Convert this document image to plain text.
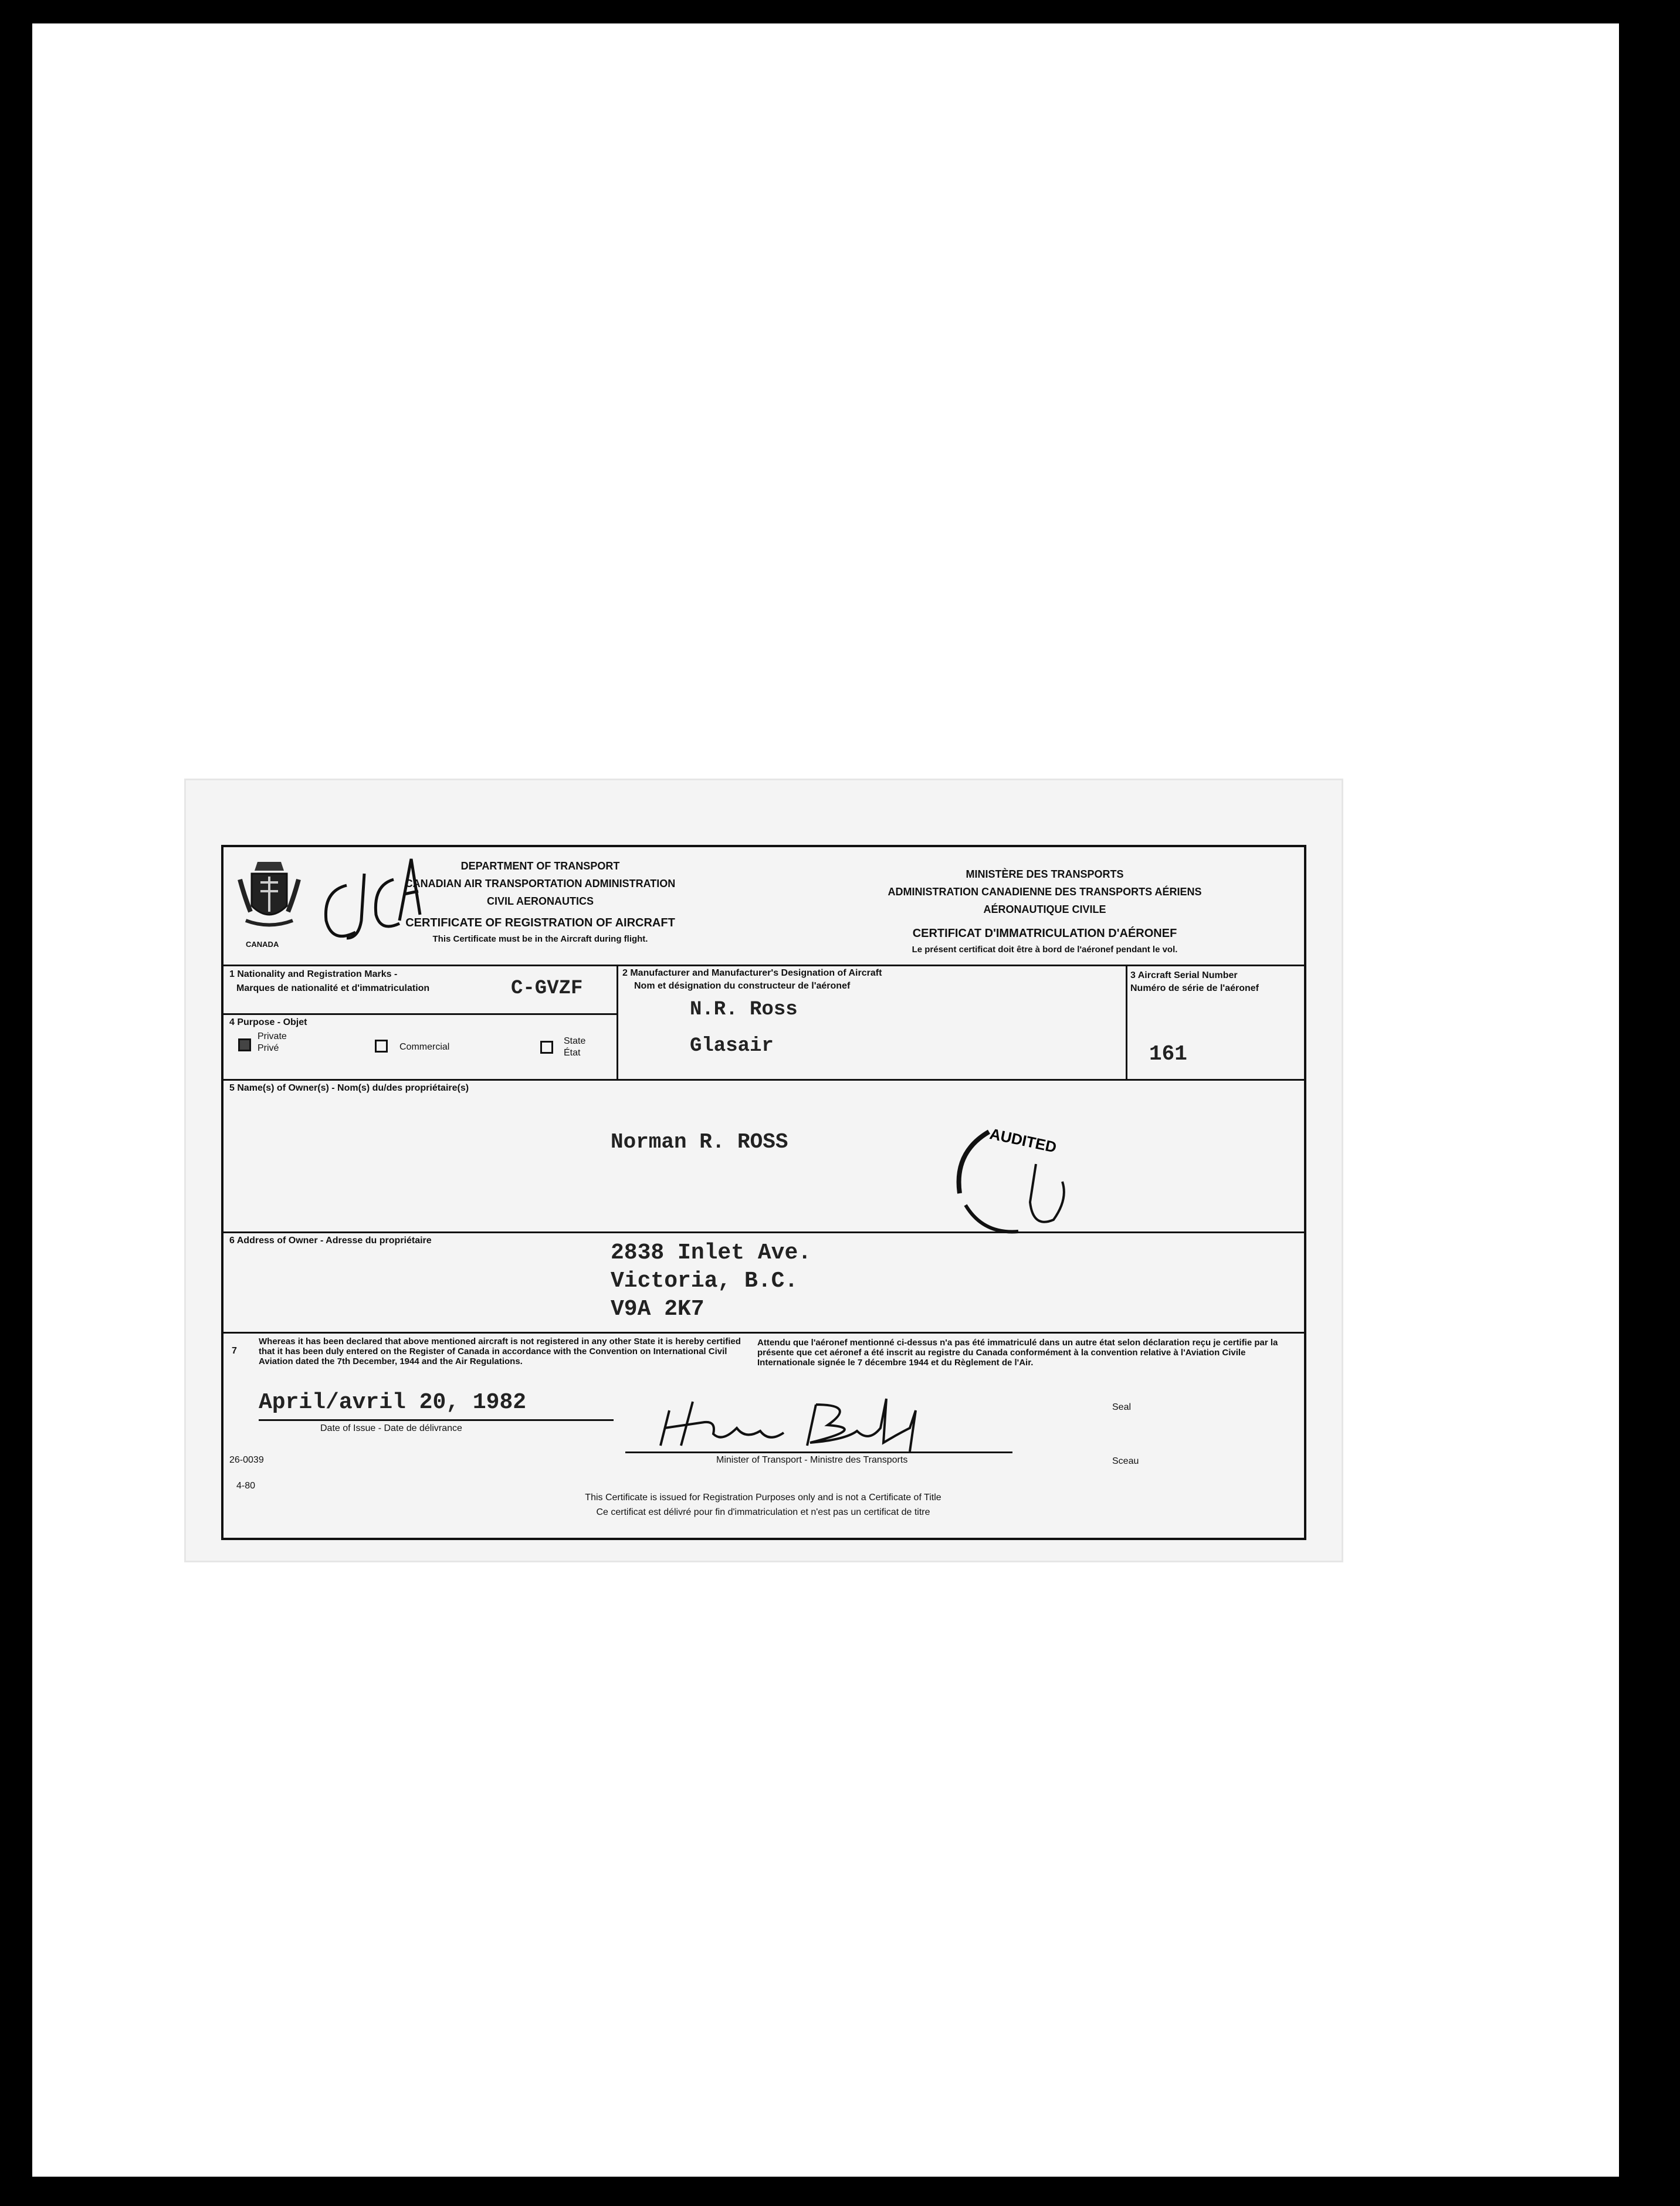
CANADA
DEPARTMENT OF TRANSPORT
CANADIAN AIR TRANSPORTATION ADMINISTRATION
CIVIL AERONAUTICS
CERTIFICATE OF REGISTRATION OF AIRCRAFT
This Certificate must be in the Aircraft during flight.
MINISTÈRE DES TRANSPORTS
ADMINISTRATION CANADIENNE DES TRANSPORTS AÉRIENS
AÉRONAUTIQUE CIVILE
CERTIFICAT D'IMMATRICULATION D'AÉRONEF
Le présent certificat doit être à bord de l'aéronef pendant le vol.
1 Nationality and Registration Marks -
Marques de nationalité et d'immatriculation	C-GVZF
4 Purpose - Objet
Private
Privé	Commercial
State
État
2 Manufacturer and Manufacturer's Designation of Aircraft
Nom et désignation du constructeur de l'aéronef
N.R. Ross
Glasair
3 Aircraft Serial Number
Numéro de série de l'aéronef
161
5 Name(s) of Owner(s) - Nom(s) du/des propriétaire(s)
Norman R. ROSS	AUDITED
6 Address of Owner - Adresse du propriétaire	2838 Inlet Ave.
Victoria, B.C.
V9A 2K7
7
Whereas it has been declared that above mentioned aircraft is not registered in any other State it is hereby certified that it has been duly entered on the Register of Canada in accordance with the Convention on International Civil Aviation dated the 7th December, 1944 and the Air Regulations.
Attendu que l'aéronef mentionné ci-dessus n'a pas été immatriculé dans un autre état selon déclaration reçu je certifie par la présente que cet aéronef a été inscrit au registre du Canada conformément à la convention relative à l'Aviation Civile Internationale signée le 7 décembre 1944 et du Règlement de l'Air.
April/avril 20, 1982
Date of Issue - Date de délivrance
Minister of Transport - Ministre des Transports
Seal
Sceau
26-0039
4-80
This Certificate is issued for Registration Purposes only and is not a Certificate of Title
Ce certificat est délivré pour fin d'immatriculation et n'est pas un certificat de titre
